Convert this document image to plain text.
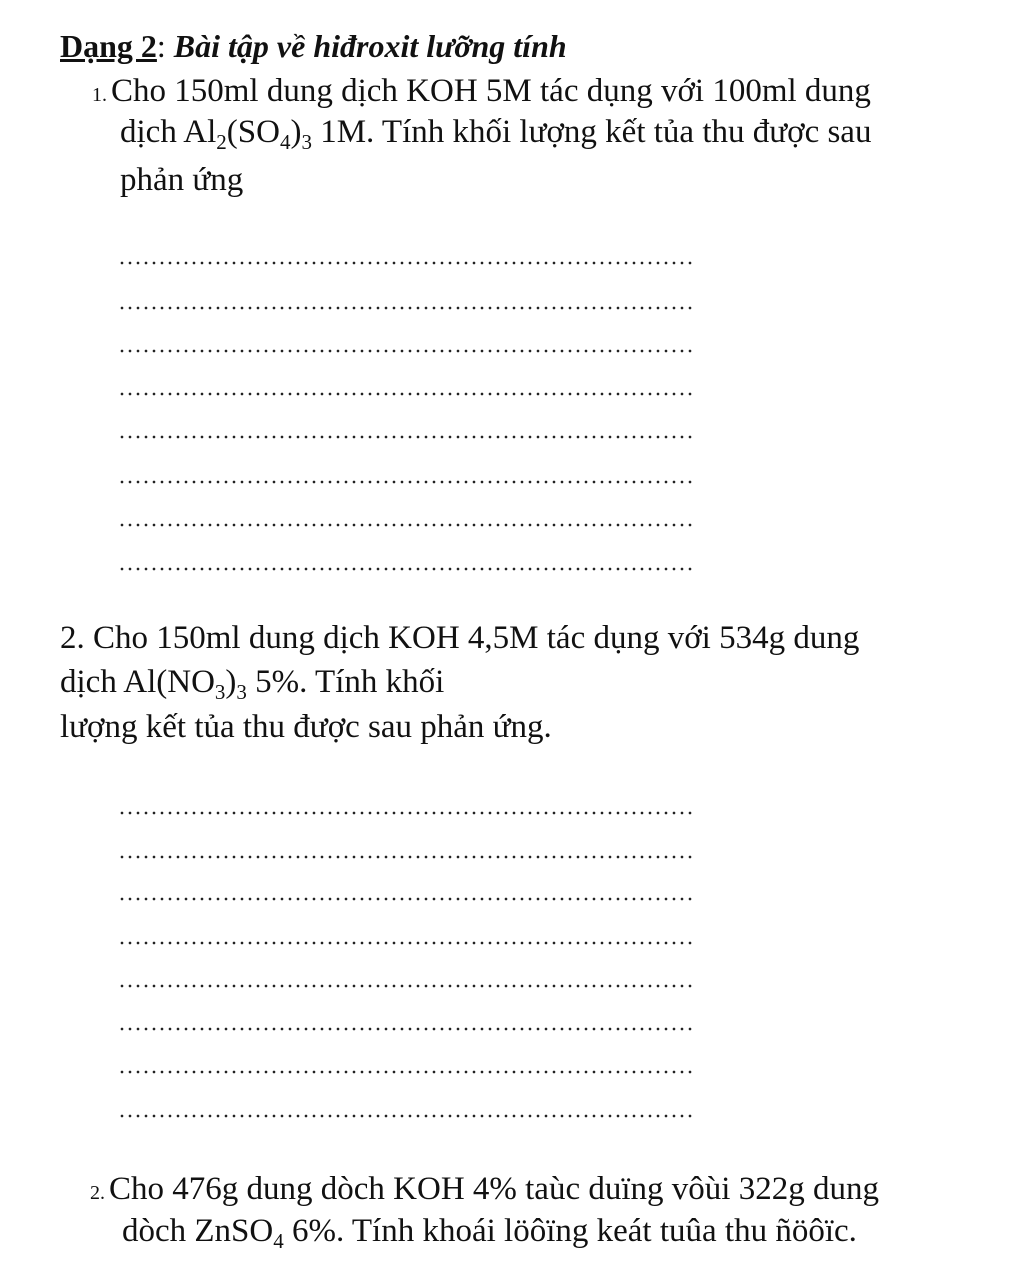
Dạng 2: Bài tập về hiđroxit lưỡng tính
1. Cho 150ml dung dịch KOH 5M tác dụng với 100ml dung
dịch $Al_2(SO_4)_3$ 1M. Tính khối lượng kết tủa thu được sau
phản ứng
2. Cho 150ml dung dịch KOH 4,5M tác dụng với 534g dung
dịch $Al(NO_3)_3$ 5%. Tính khối
lượng kết tủa thu được sau phản ứng.
2. Cho 476g dung dòch KOH 4% taùc duïng vôùi 322g dung
dòch ZnSO$_4$ 6%. Tính khoái löôïng keát tuûa thu ñöôïc.
